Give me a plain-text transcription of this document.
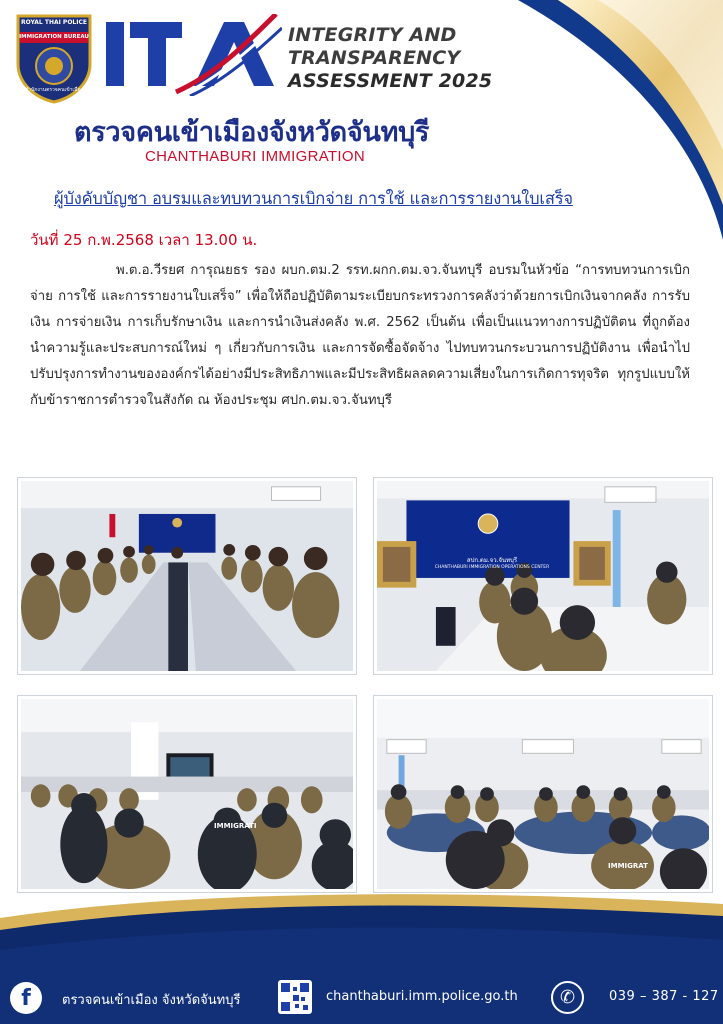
ROYAL THAI POLICE
IMMIGRATION BUREAU
สำนักงานตรวจคนเข้าเมือง
INTEGRITY AND
TRANSPARENCY
ASSESSMENT 2025
ตรวจคนเข้าเมืองจังหวัดจันทบุรี
CHANTHABURI IMMIGRATION
ผู้บังคับบัญชา อบรมและทบทวนการเบิกจ่าย การใช้ และการรายงานใบเสร็จ
วันที่ 25 ก.พ.2568 เวลา 13.00 น.
พ.ต.อ.วีรยศ การุณยธร รอง ผบก.ตม.2 รรท.ผกก.ตม.จว.จันทบุรี อบรมในหัวข้อ “การทบทวนการเบิกจ่าย การใช้ และการรายงานใบเสร็จ” เพื่อให้ถือปฏิบัติตามระเบียบกระทรวงการคลังว่าด้วยการเบิกเงินจากคลัง การรับเงิน การจ่ายเงิน การเก็บรักษาเงิน และการนำเงินส่งคลัง พ.ศ. 2562 เป็นต้น เพื่อเป็นแนวทางการปฏิบัติตน ที่ถูกต้อง นำความรู้และประสบการณ์ใหม่ ๆ เกี่ยวกับการเงิน และการจัดซื้อจัดจ้าง ไปทบทวนกระบวนการปฏิบัติงาน เพื่อนำไปปรับปรุงการทำงานขององค์กรได้อย่างมีประสิทธิภาพและมีประสิทธิผลลดความเสี่ยงในการเกิดการทุจริต ทุกรูปแบบให้กับข้าราชการตำรวจในสังกัด ณ ห้องประชุม ศปก.ตม.จว.จันทบุรี
สปก.ตม.จว.จันทบุรี
CHANTHABURI IMMIGRATION OPERATIONS CENTER
IMMIGRATI
IMMIGRAT
f	ตรวจคนเข้าเมือง จังหวัดจันทบุรี	chanthaburi.imm.police.go.th	✆	039 – 387 - 127
